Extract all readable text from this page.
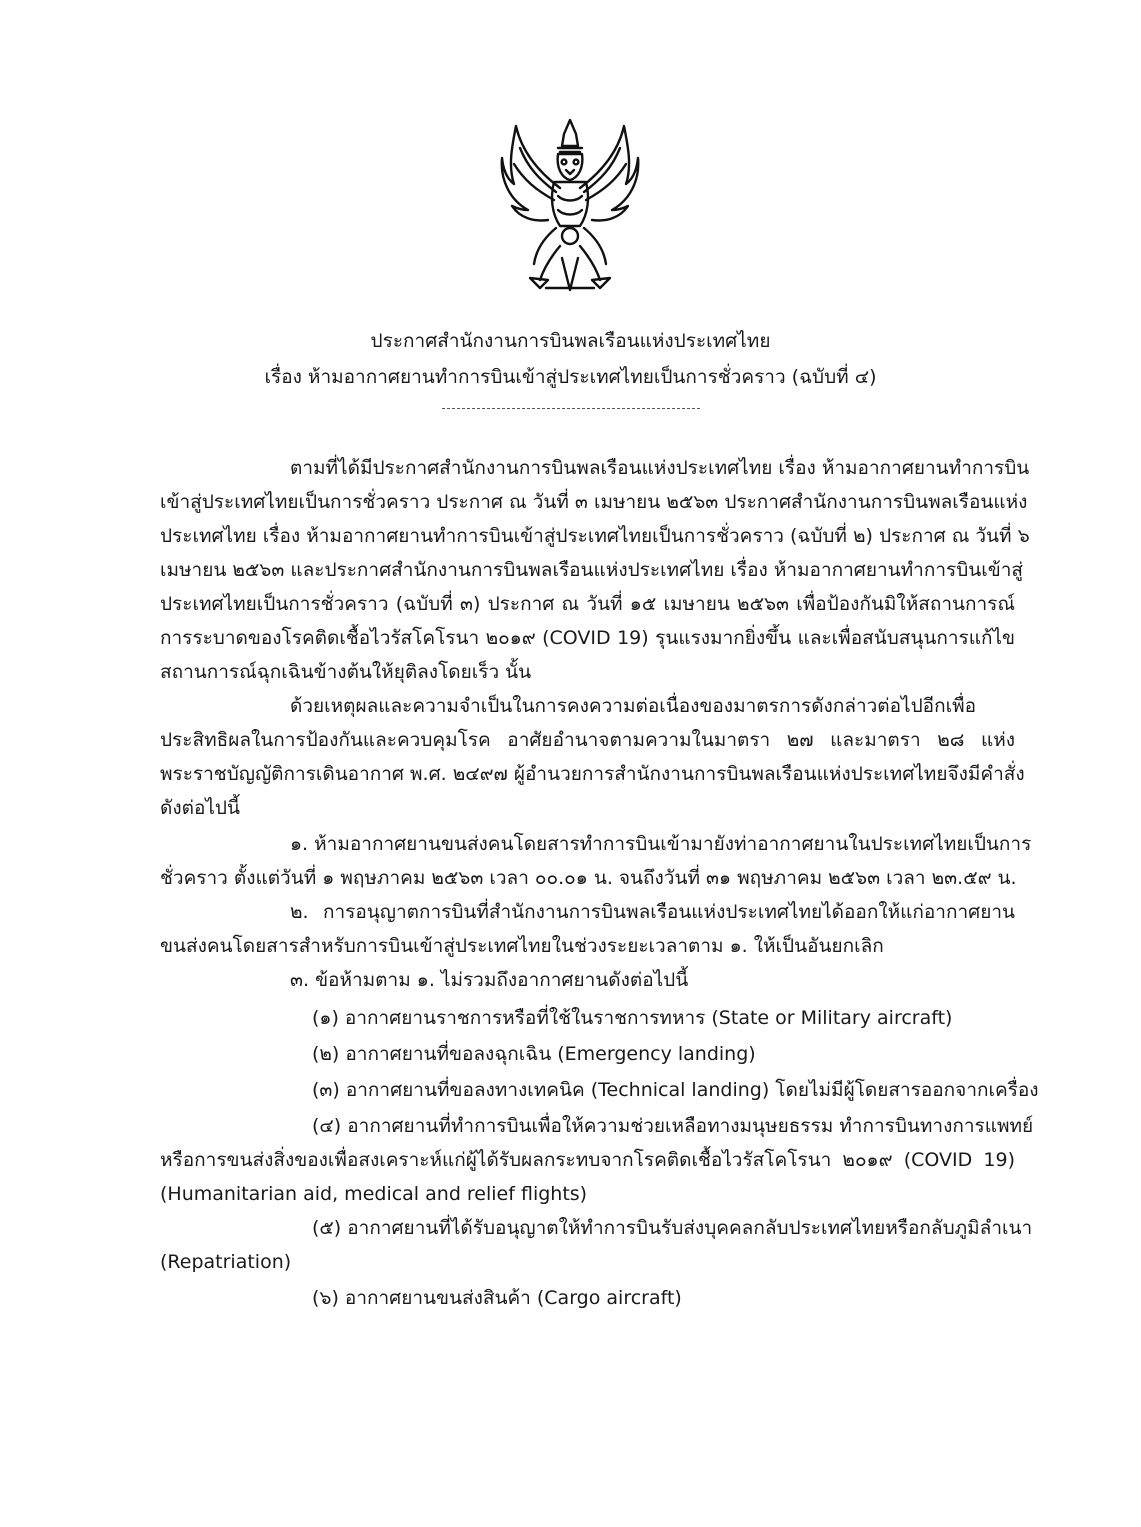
ประกาศสำนักงานการบินพลเรือนแห่งประเทศไทย
เรื่อง ห้ามอากาศยานทำการบินเข้าสู่ประเทศไทยเป็นการชั่วคราว (ฉบับที่ ๔)
ตามที่ได้มีประกาศสำนักงานการบินพลเรือนแห่งประเทศไทย เรื่อง ห้ามอากาศยานทำการบิน
เข้าสู่ประเทศไทยเป็นการชั่วคราว ประกาศ ณ วันที่ ๓ เมษายน ๒๕๖๓ ประกาศสำนักงานการบินพลเรือนแห่ง
ประเทศไทย เรื่อง ห้ามอากาศยานทำการบินเข้าสู่ประเทศไทยเป็นการชั่วคราว (ฉบับที่ ๒) ประกาศ ณ วันที่ ๖
เมษายน ๒๕๖๓ และประกาศสำนักงานการบินพลเรือนแห่งประเทศไทย เรื่อง ห้ามอากาศยานทำการบินเข้าสู่
ประเทศไทยเป็นการชั่วคราว (ฉบับที่ ๓) ประกาศ ณ วันที่ ๑๕ เมษายน ๒๕๖๓ เพื่อป้องกันมิให้สถานการณ์
การระบาดของโรคติดเชื้อไวรัสโคโรนา ๒๐๑๙ (COVID 19) รุนแรงมากยิ่งขึ้น และเพื่อสนับสนุนการแก้ไข
สถานการณ์ฉุกเฉินข้างต้นให้ยุติลงโดยเร็ว นั้น
ด้วยเหตุผลและความจำเป็นในการคงความต่อเนื่องของมาตรการดังกล่าวต่อไปอีกเพื่อ
ประสิทธิผลในการป้องกันและควบคุมโรค อาศัยอำนาจตามความในมาตรา ๒๗ และมาตรา ๒๘ แห่ง
พระราชบัญญัติการเดินอากาศ พ.ศ. ๒๔๙๗ ผู้อำนวยการสำนักงานการบินพลเรือนแห่งประเทศไทยจึงมีคำสั่ง
ดังต่อไปนี้
๑. ห้ามอากาศยานขนส่งคนโดยสารทำการบินเข้ามายังท่าอากาศยานในประเทศไทยเป็นการ
ชั่วคราว ตั้งแต่วันที่ ๑ พฤษภาคม ๒๕๖๓ เวลา ๐๐.๐๑ น. จนถึงวันที่ ๓๑ พฤษภาคม ๒๕๖๓ เวลา ๒๓.๕๙ น.
๒. การอนุญาตการบินที่สำนักงานการบินพลเรือนแห่งประเทศไทยได้ออกให้แก่อากาศยาน
ขนส่งคนโดยสารสำหรับการบินเข้าสู่ประเทศไทยในช่วงระยะเวลาตาม ๑. ให้เป็นอันยกเลิก
๓. ข้อห้ามตาม ๑. ไม่รวมถึงอากาศยานดังต่อไปนี้
(๑) อากาศยานราชการหรือที่ใช้ในราชการทหาร (State or Military aircraft)
(๒) อากาศยานที่ขอลงฉุกเฉิน (Emergency landing)
(๓) อากาศยานที่ขอลงทางเทคนิค (Technical landing) โดยไม่มีผู้โดยสารออกจากเครื่อง
(๔) อากาศยานที่ทำการบินเพื่อให้ความช่วยเหลือทางมนุษยธรรม ทำการบินทางการแพทย์
หรือการขนส่งสิ่งของเพื่อสงเคราะห์แก่ผู้ได้รับผลกระทบจากโรคติดเชื้อไวรัสโคโรนา ๒๐๑๙ (COVID 19)
(Humanitarian aid, medical and relief flights)
(๕) อากาศยานที่ได้รับอนุญาตให้ทำการบินรับส่งบุคคลกลับประเทศไทยหรือกลับภูมิลำเนา
(Repatriation)
(๖) อากาศยานขนส่งสินค้า (Cargo aircraft)
